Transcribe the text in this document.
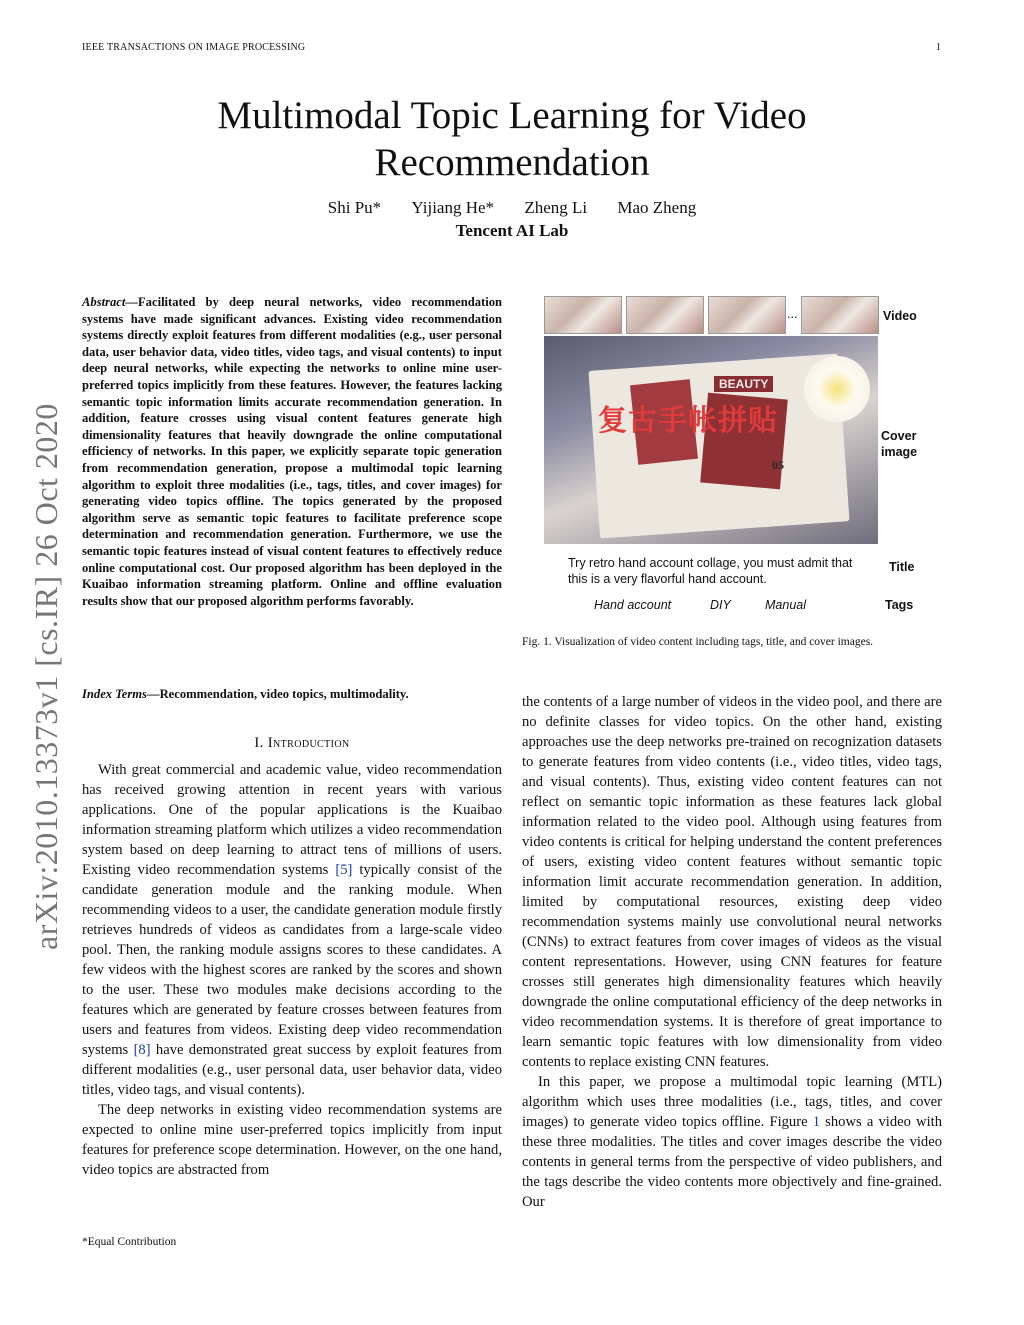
IEEE TRANSACTIONS ON IMAGE PROCESSING	1
Multimodal Topic Learning for Video
Recommendation
Shi Pu* Yijiang He* Zheng Li Mao Zheng
Tencent AI Lab
arXiv:2010.13373v1 [cs.IR] 26 Oct 2020
Abstract—Facilitated by deep neural networks, video recommendation systems have made significant advances. Existing video recommendation systems directly exploit features from different modalities (e.g., user personal data, user behavior data, video titles, video tags, and visual contents) to input deep neural networks, while expecting the networks to online mine user-preferred topics implicitly from these features. However, the features lacking semantic topic information limits accurate recommendation generation. In addition, feature crosses using visual content features generate high dimensionality features that heavily downgrade the online computational efficiency of networks. In this paper, we explicitly separate topic generation from recommendation generation, propose a multimodal topic learning algorithm to exploit three modalities (i.e., tags, titles, and cover images) for generating video topics offline. The topics generated by the proposed algorithm serve as semantic topic features to facilitate preference scope determination and recommendation generation. Furthermore, we use the semantic topic features instead of visual content features to effectively reduce online computational cost. Our proposed algorithm has been deployed in the Kuaibao information streaming platform. Online and offline evaluation results show that our proposed algorithm performs favorably.
Index Terms—Recommendation, video topics, multimodality.
I. Introduction

With great commercial and academic value, video recommendation has received growing attention in recent years with various applications. One of the popular applications is the Kuaibao information streaming platform which utilizes a video recommendation system based on deep learning to attract tens of millions of users. Existing video recommendation systems [5] typically consist of the candidate generation module and the ranking module. When recommending videos to a user, the candidate generation module firstly retrieves hundreds of videos as candidates from a large-scale video pool. Then, the ranking module assigns scores to these candidates. A few videos with the highest scores are ranked by the scores and shown to the user. These two modules make decisions according to the features which are generated by feature crosses between features from users and features from videos. Existing deep video recommendation systems [8] have demonstrated great success by exploit features from different modalities (e.g., user personal data, user behavior data, video titles, video tags, and visual contents).

The deep networks in existing video recommendation systems are expected to online mine user-preferred topics implicitly from input features for preference scope determination. However, on the one hand, video topics are abstracted from

*Equal Contribution
...	Video
BEAUTY
复古手帐拼贴
05
Cover
image
Try retro hand account collage, you must admit that this is a very flavorful hand account.
Title
Hand account	DIY	Manual	Tags
Fig. 1. Visualization of video content including tags, title, and cover images.

the contents of a large number of videos in the video pool, and there are no definite classes for video topics. On the other hand, existing approaches use the deep networks pre-trained on recognization datasets to generate features from video contents (i.e., video titles, video tags, and visual contents). Thus, existing video content features can not reflect on semantic topic information as these features lack global information related to the video pool. Although using features from video contents is critical for helping understand the content preferences of users, existing video content features without semantic topic information limit accurate recommendation generation. In addition, limited by computational resources, existing deep video recommendation systems mainly use convolutional neural networks (CNNs) to extract features from cover images of videos as the visual content representations. However, using CNN features for feature crosses still generates high dimensionality features which heavily downgrade the online computational efficiency of the deep networks in video recommendation systems. It is therefore of great importance to learn semantic topic features with low dimensionality from video contents to replace existing CNN features.

In this paper, we propose a multimodal topic learning (MTL) algorithm which uses three modalities (i.e., tags, titles, and cover images) to generate video topics offline. Figure 1 shows a video with these three modalities. The titles and cover images describe the video contents in general terms from the perspective of video publishers, and the tags describe the video contents more objectively and fine-grained. Our
